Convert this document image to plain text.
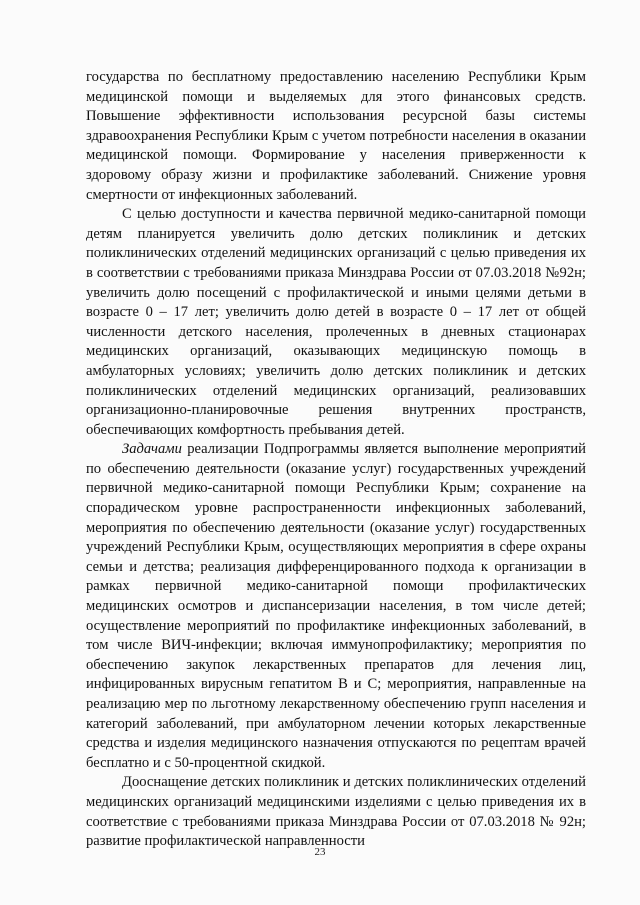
государства по бесплатному предоставлению населению Республики Крым медицинской помощи и выделяемых для этого финансовых средств. Повышение эффективности использования ресурсной базы системы здравоохранения Республики Крым с учетом потребности населения в оказании медицинской помощи. Формирование у населения приверженности к здоровому образу жизни и профилактике заболеваний. Снижение уровня смертности от инфекционных заболеваний.

С целью доступности и качества первичной медико-санитарной помощи детям планируется увеличить долю детских поликлиник и детских поликлинических отделений медицинских организаций с целью приведения их в соответствии с требованиями приказа Минздрава России от 07.03.2018 №92н; увеличить долю посещений с профилактической и иными целями детьми в возрасте 0 – 17 лет; увеличить долю детей в возрасте 0 – 17 лет от общей численности детского населения, пролеченных в дневных стационарах медицинских организаций, оказывающих медицинскую помощь в амбулаторных условиях; увеличить долю детских поликлиник и детских поликлинических отделений медицинских организаций, реализовавших организационно-планировочные решения внутренних пространств, обеспечивающих комфортность пребывания детей.

Задачами реализации Подпрограммы является выполнение мероприятий по обеспечению деятельности (оказание услуг) государственных учреждений первичной медико-санитарной помощи Республики Крым; сохранение на спорадическом уровне распространенности инфекционных заболеваний, мероприятия по обеспечению деятельности (оказание услуг) государственных учреждений Республики Крым, осуществляющих мероприятия в сфере охраны семьи и детства; реализация дифференцированного подхода к организации в рамках первичной медико-санитарной помощи профилактических медицинских осмотров и диспансеризации населения, в том числе детей; осуществление мероприятий по профилактике инфекционных заболеваний, в том числе ВИЧ-инфекции; включая иммунопрофилактику; мероприятия по обеспечению закупок лекарственных препаратов для лечения лиц, инфицированных вирусным гепатитом В и С; мероприятия, направленные на реализацию мер по льготному лекарственному обеспечению групп населения и категорий заболеваний, при амбулаторном лечении которых лекарственные средства и изделия медицинского назначения отпускаются по рецептам врачей бесплатно и с 50-процентной скидкой.

Дооснащение детских поликлиник и детских поликлинических отделений медицинских организаций медицинскими изделиями с целью приведения их в соответствие с требованиями приказа Минздрава России от 07.03.2018 № 92н; развитие профилактической направленности

23
